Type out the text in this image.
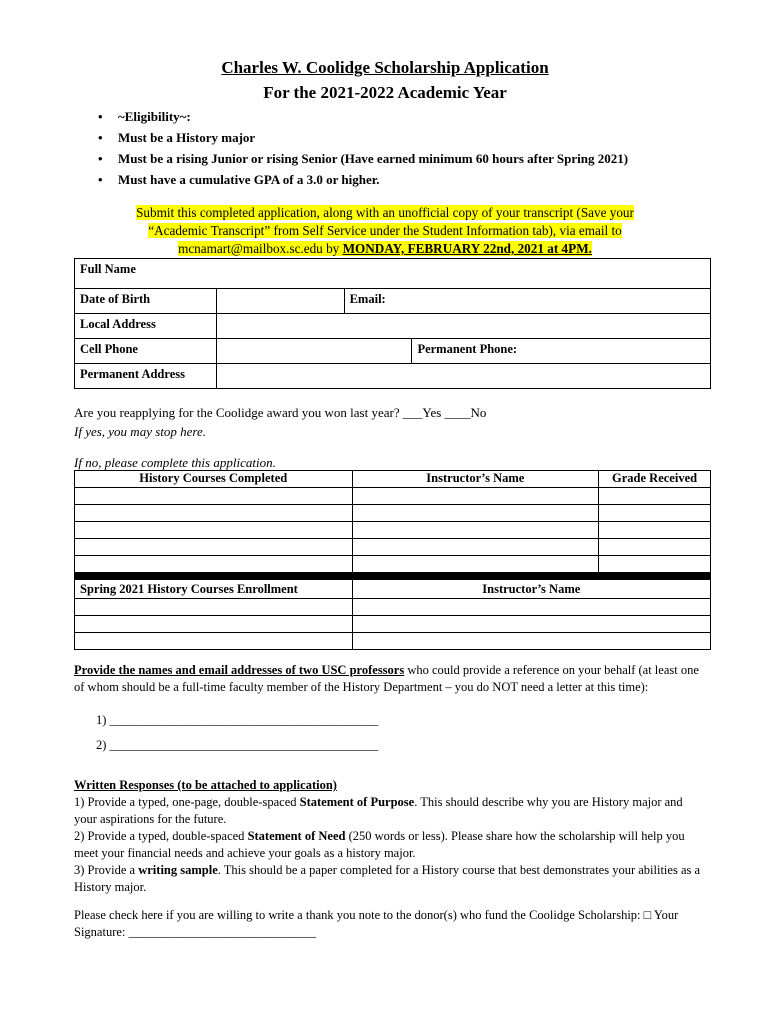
Charles W. Coolidge Scholarship Application
For the 2021-2022 Academic Year
• ~Eligibility~:
• Must be a History major
• Must be a rising Junior or rising Senior (Have earned minimum 60 hours after Spring 2021)
• Must have a cumulative GPA of a 3.0 or higher.
Submit this completed application, along with an unofficial copy of your transcript (Save your
“Academic Transcript” from Self Service under the Student Information tab), via email to
mcnamart@mailbox.sc.edu by MONDAY, FEBRUARY 22nd, 2021 at 4PM.
Full Name			
Date of Birth		Email:	
Local Address			
Cell Phone			Permanent Phone:
Permanent Address			
Are you reapplying for the Coolidge award you won last year? ___Yes ____No
If yes, you may stop here.
If no, please complete this application.
History Courses Completed	Instructor’s Name	Grade Received

Spring 2021 History Courses Enrollment	Instructor’s Name

Provide the names and email addresses of two USC professors who could provide a reference on your behalf (at least one of whom should be a full-time faculty member of the History Department – you do NOT need a letter at this time):
1) ___________________________________________
2) ___________________________________________

Written Responses (to be attached to application)

1) Provide a typed, one-page, double-spaced Statement of Purpose. This should describe why you are History major and your aspirations for the future.

2) Provide a typed, double-spaced Statement of Need (250 words or less). Please share how the scholarship will help you meet your financial needs and achieve your goals as a history major.

3) Provide a writing sample. This should be a paper completed for a History course that best demonstrates your abilities as a History major.

Please check here if you are willing to write a thank you note to the donor(s) who fund the Coolidge Scholarship: □ Your Signature: ______________________________
